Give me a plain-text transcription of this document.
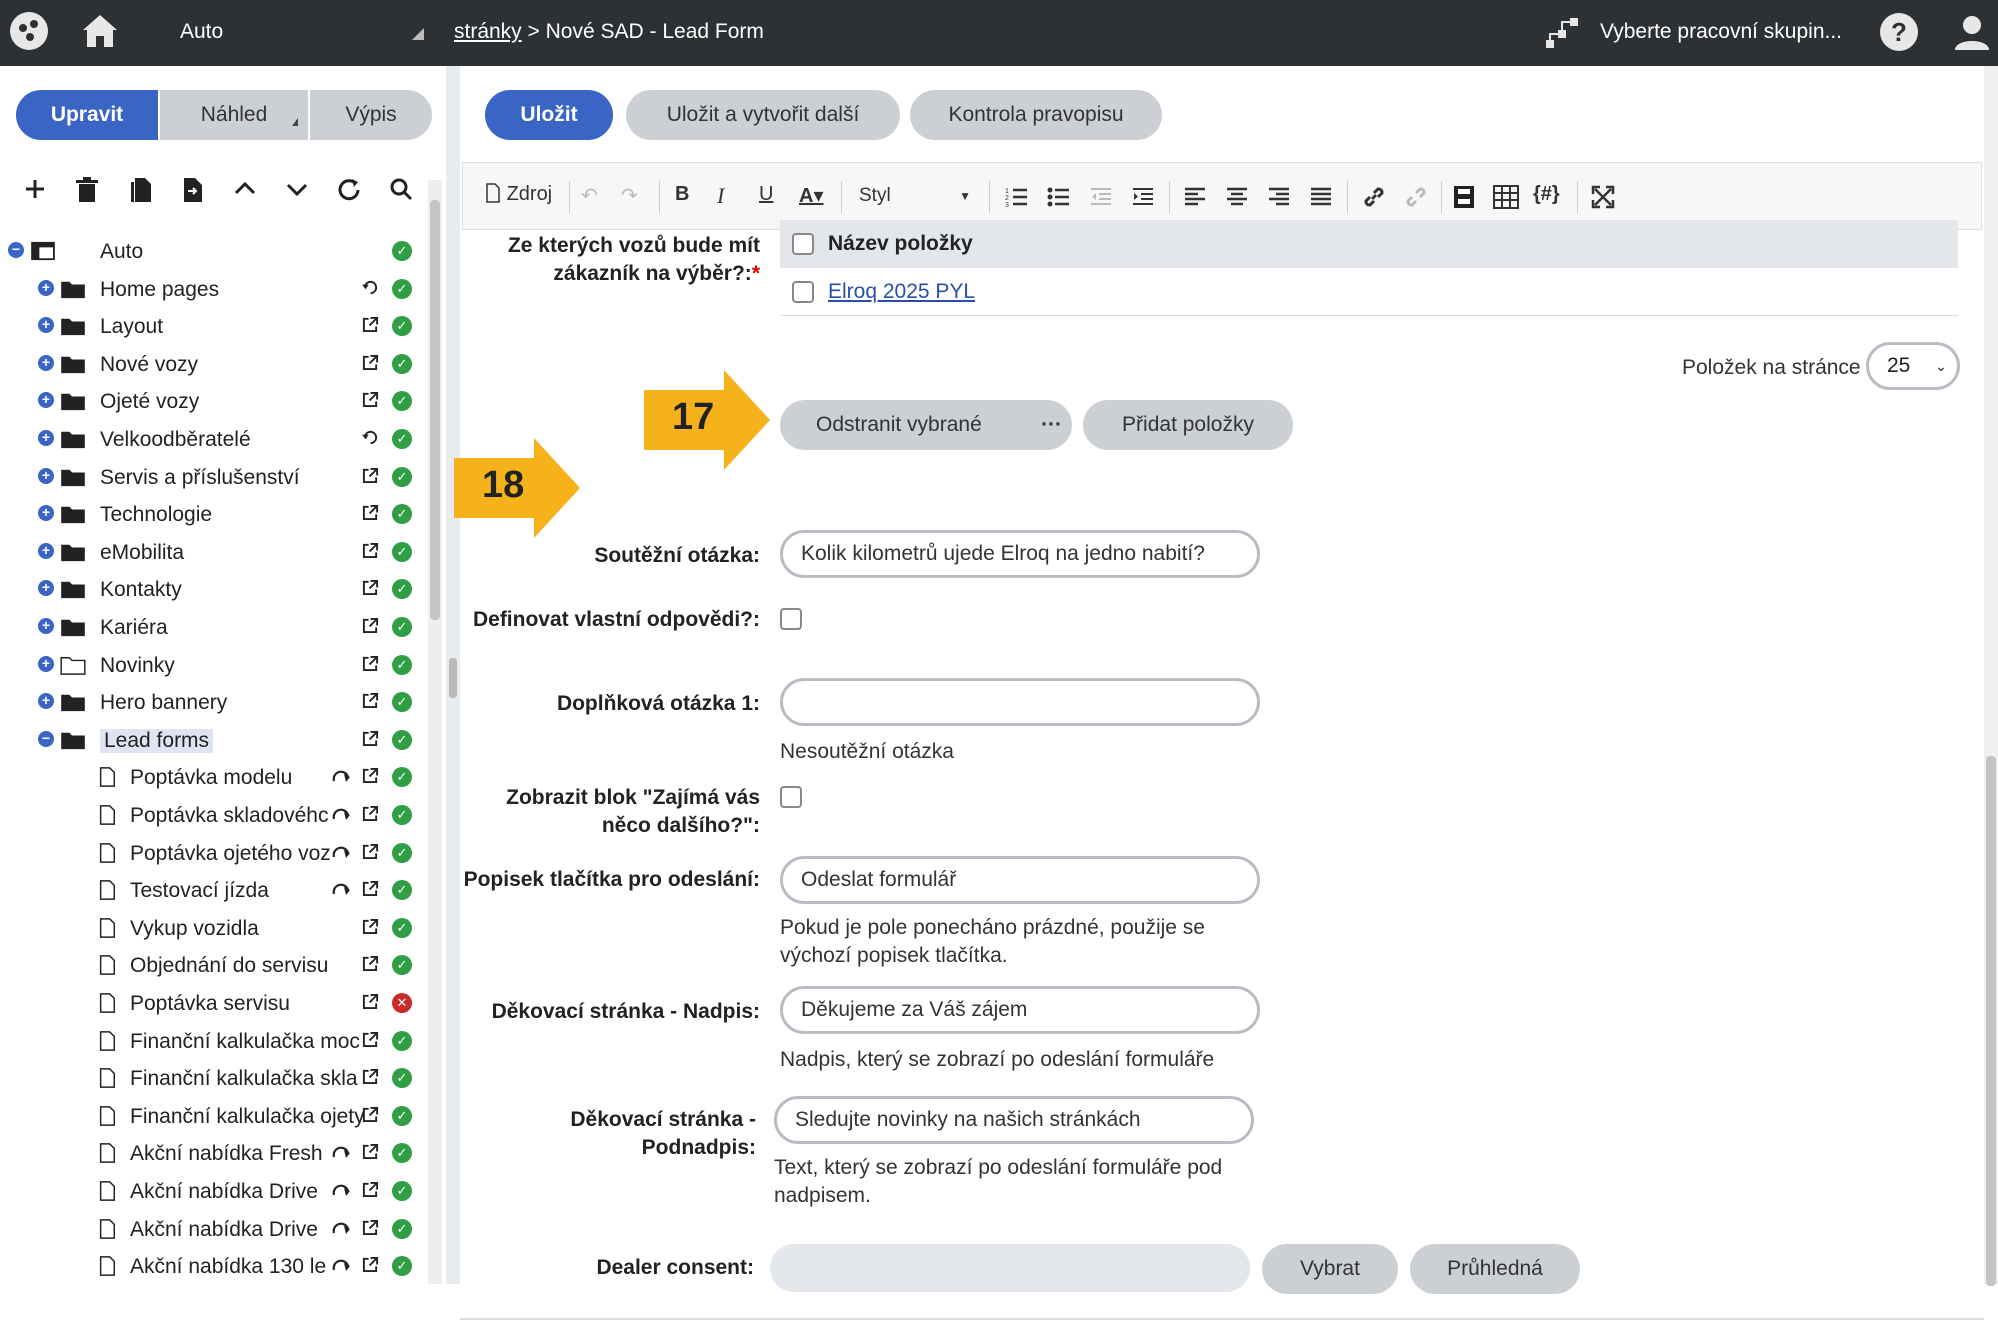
Auto	stránky > Nové SAD - Lead Form	Vyberte pracovní skupin...	?
Upravit	Náhled	Výpis
−	Auto	✓
+ Home pages	✓
+ Layout	✓
+ Nové vozy	✓
+ Ojeté vozy	✓
+ Velkoodběratelé	✓
+ Servis a příslušenství	✓
+ Technologie	✓
+ eMobilita	✓
+ Kontakty	✓
+ Kariéra	✓
+ Novinky	✓
+ Hero bannery	✓
−	Lead forms	✓
Poptávka modelu	✓
Poptávka skladovéhc	✓
Poptávka ojetého voz	✓
Testovací jízda	✓
Vykup vozidla	✓
Objednání do servisu	✓
Poptávka servisu	✕
Finanční kalkulačka moc	✓
Finanční kalkulačka skla	✓
Finanční kalkulačka ojety	✓
Akční nabídka Fresh	✓
Akční nabídka Drive	✓
Akční nabídka Drive	✓
Akční nabídka 130 le	✓
Uložit	Uložit a vytvořit další	Kontrola pravopisu
Zdroj ↶ ↷ B I U A▾	Styl	▼	1
2
3
{#}
Ze kterých vozů bude mít zákazník na výběr?:*
Název položky
Elroq 2025 PYL
Položek na stránce	25 ⌄
17	Odstranit vybrané	···	Přidat položky
18
Soutěžní otázka:	Kolik kilometrů ujede Elroq na jedno nabití?
Definovat vlastní odpovědi?:
Doplňková otázka 1:
Nesoutěžní otázka
Zobrazit blok "Zajímá vás něco dalšího?":
Popisek tlačítka pro odeslání:	Odeslat formulář
Pokud je pole ponecháno prázdné, použije se výchozí popisek tlačítka.
Děkovací stránka - Nadpis:	Děkujeme za Váš zájem
Nadpis, který se zobrazí po odeslání formuláře
Děkovací stránka - Podnadpis:
Sledujte novinky na našich stránkách
Text, který se zobrazí po odeslání formuláře pod nadpisem.
Dealer consent:	Vybrat	Průhledná
